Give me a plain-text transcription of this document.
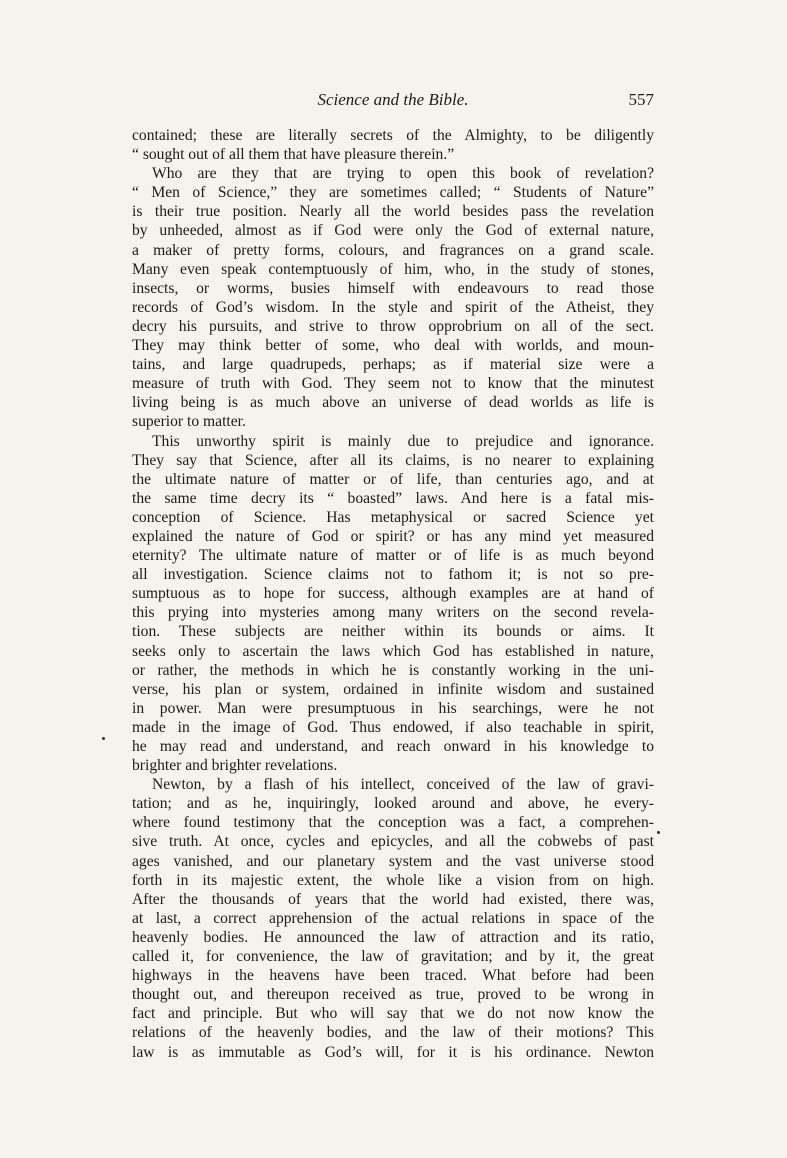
Science and the Bible.	557
contained; these are literally secrets of the Almighty, to be diligently
“ sought out of all them that have pleasure therein.”
Who are they that are trying to open this book of revelation?
“ Men of Science,” they are sometimes called; “ Students of Nature”
is their true position. Nearly all the world besides pass the revelation
by unheeded, almost as if God were only the God of external nature,
a maker of pretty forms, colours, and fragrances on a grand scale.
Many even speak contemptuously of him, who, in the study of stones,
insects, or worms, busies himself with endeavours to read those
records of God’s wisdom. In the style and spirit of the Atheist, they
decry his pursuits, and strive to throw opprobrium on all of the sect.
They may think better of some, who deal with worlds, and moun-
tains, and large quadrupeds, perhaps; as if material size were a
measure of truth with God. They seem not to know that the minutest
living being is as much above an universe of dead worlds as life is
superior to matter.
This unworthy spirit is mainly due to prejudice and ignorance.
They say that Science, after all its claims, is no nearer to explaining
the ultimate nature of matter or of life, than centuries ago, and at
the same time decry its “ boasted” laws. And here is a fatal mis-
conception of Science. Has metaphysical or sacred Science yet
explained the nature of God or spirit? or has any mind yet measured
eternity? The ultimate nature of matter or of life is as much beyond
all investigation. Science claims not to fathom it; is not so pre-
sumptuous as to hope for success, although examples are at hand of
this prying into mysteries among many writers on the second revela-
tion. These subjects are neither within its bounds or aims. It
seeks only to ascertain the laws which God has established in nature,
or rather, the methods in which he is constantly working in the uni-
verse, his plan or system, ordained in infinite wisdom and sustained
in power. Man were presumptuous in his searchings, were he not
made in the image of God. Thus endowed, if also teachable in spirit,
he may read and understand, and reach onward in his knowledge to
brighter and brighter revelations.
Newton, by a flash of his intellect, conceived of the law of gravi-
tation; and as he, inquiringly, looked around and above, he every-
where found testimony that the conception was a fact, a comprehen-
sive truth. At once, cycles and epicycles, and all the cobwebs of past
ages vanished, and our planetary system and the vast universe stood
forth in its majestic extent, the whole like a vision from on high.
After the thousands of years that the world had existed, there was,
at last, a correct apprehension of the actual relations in space of the
heavenly bodies. He announced the law of attraction and its ratio,
called it, for convenience, the law of gravitation; and by it, the great
highways in the heavens have been traced. What before had been
thought out, and thereupon received as true, proved to be wrong in
fact and principle. But who will say that we do not now know the
relations of the heavenly bodies, and the law of their motions? This
law is as immutable as God’s will, for it is his ordinance. Newton
